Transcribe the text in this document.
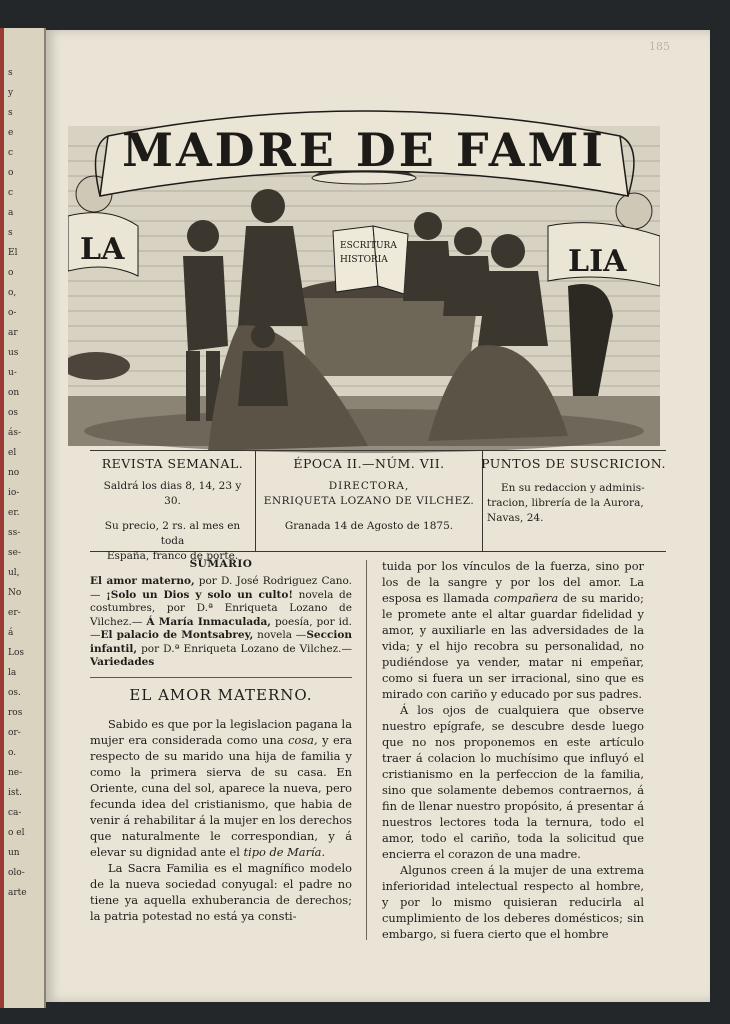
s
y
s
e
c
o
c
a
s
El
o
o,
o-
ar
us
u-
on
os
ás-
el
no
io-
er.
ss-
se-
ul,
No
er-
á
Los
la
os.
ros
or-
o.
ne-
ist.
ca-
o el
un
olo-
arte
185
ESCRITURA
HISTORIA
MADRE DE FAMI
LA	LIA
REVISTA SEMANAL.
Saldrá los dias 8, 14, 23 y 30.
Su precio, 2 rs. al mes en toda
España, franco de porte.
ÉPOCA II.—NÚM. VII.
DIRECTORA,
ENRIQUETA LOZANO DE VILCHEZ.
Granada 14 de Agosto de 1875.
PUNTOS DE SUSCRICION.
En su redaccion y adminis-
tracion, librería de la Aurora,
Navas, 24.
SUMARIO
El amor materno, por D. José Rodriguez Cano.— ¡Solo un Dios y solo un culto! novela de costumbres, por D.ª Enriqueta Lozano de Vilchez.— Á María Inmaculada, poesía, por id.—El palacio de Montsabrey, novela —Seccion infantil, por D.ª Enriqueta Lozano de Vilchez.—Variedades
EL AMOR MATERNO.

Sabido es que por la legislacion pagana la mujer era considerada como una cosa, y era respecto de su marido una hija de familia y como la primera sierva de su casa. En Oriente, cuna del sol, aparece la nueva, pero fecunda idea del cristianismo, que habia de venir á rehabilitar á la mujer en los derechos que naturalmente le correspondian, y á elevar su dignidad ante el tipo de María.

La Sacra Familia es el magnífico modelo de la nueva sociedad conyugal: el padre no tiene ya aquella exhuberancia de derechos; la patria potestad no está ya consti-

tuida por los vínculos de la fuerza, sino por los de la sangre y por los del amor. La esposa es llamada compañera de su marido; le promete ante el altar guardar fidelidad y amor, y auxiliarle en las adversidades de la vida; y el hijo recobra su personalidad, no pudiéndose ya vender, matar ni empeñar, como si fuera un ser irracional, sino que es mirado con cariño y educado por sus padres.

Á los ojos de cualquiera que observe nuestro epígrafe, se descubre desde luego que no nos proponemos en este artículo traer á colacion lo muchísimo que influyó el cristianismo en la perfeccion de la familia, sino que solamente debemos contraernos, á fin de llenar nuestro propósito, á presentar á nuestros lectores toda la ternura, todo el amor, todo el cariño, toda la solicitud que encierra el corazon de una madre.

Algunos creen á la mujer de una extrema inferioridad intelectual respecto al hombre, y por lo mismo quisieran reducirla al cumplimiento de los deberes domésticos; sin embargo, si fuera cierto que el hombre
